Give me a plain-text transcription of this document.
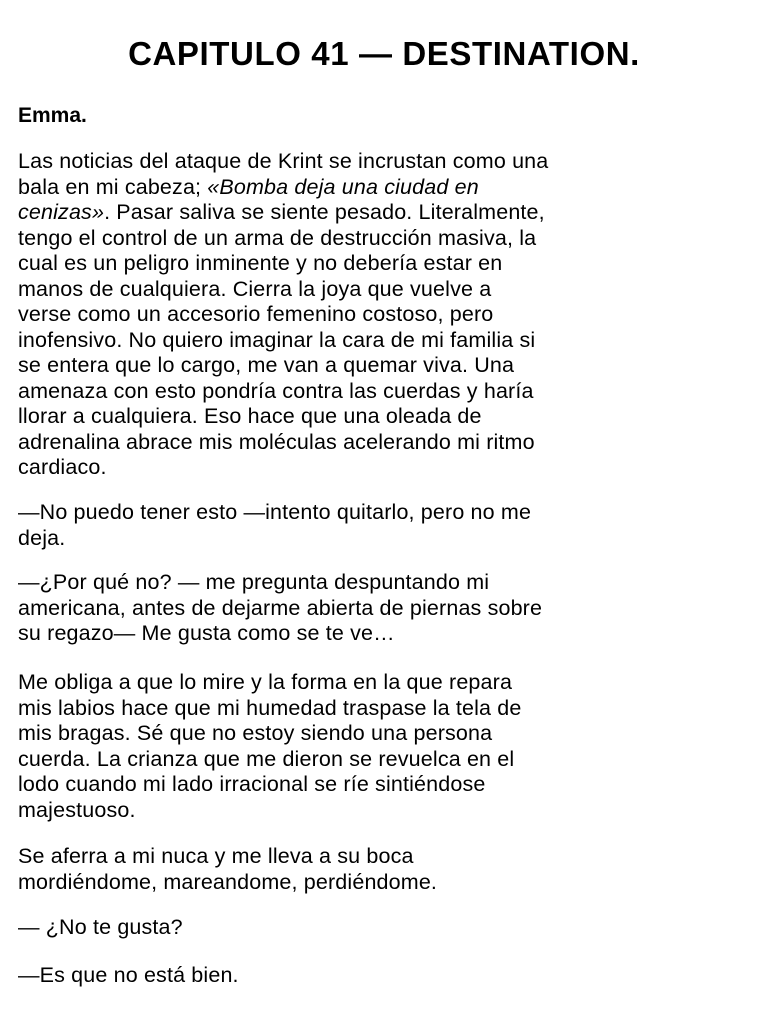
CAPITULO 41 — DESTINATION.

Emma.

Las noticias del ataque de Krint se incrustan como una
bala en mi cabeza; «Bomba deja una ciudad en
cenizas». Pasar saliva se siente pesado. Literalmente,
tengo el control de un arma de destrucción masiva, la
cual es un peligro inminente y no debería estar en
manos de cualquiera. Cierra la joya que vuelve a
verse como un accesorio femenino costoso, pero
inofensivo. No quiero imaginar la cara de mi familia si
se entera que lo cargo, me van a quemar viva. Una
amenaza con esto pondría contra las cuerdas y haría
llorar a cualquiera. Eso hace que una oleada de
adrenalina abrace mis moléculas acelerando mi ritmo
cardiaco.

—No puedo tener esto —intento quitarlo, pero no me
deja.

—¿Por qué no? — me pregunta despuntando mi
americana, antes de dejarme abierta de piernas sobre
su regazo— Me gusta como se te ve…

Me obliga a que lo mire y la forma en la que repara
mis labios hace que mi humedad traspase la tela de
mis bragas. Sé que no estoy siendo una persona
cuerda. La crianza que me dieron se revuelca en el
lodo cuando mi lado irracional se ríe sintiéndose
majestuoso.

Se aferra a mi nuca y me lleva a su boca
mordiéndome, mareandome, perdiéndome.

— ¿No te gusta?

—Es que no está bien.
